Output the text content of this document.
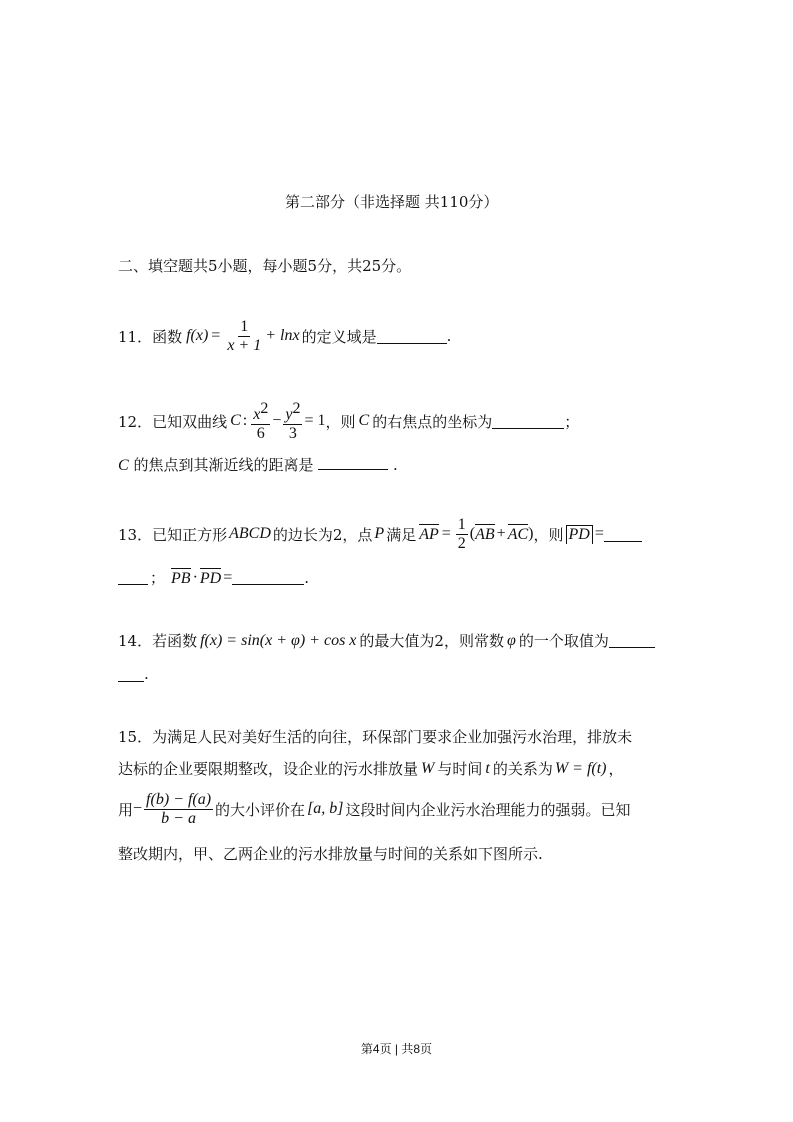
第二部分（非选择题 共110分）
二、填空题共5小题，每小题5分，共25分。
11．函数 $f(x) = \frac{1}{x + 1} + \ln x$ 的定义域是	.
12．已知双曲线 C : $\frac{x^2}{6} - \frac{y^2}{3} = 1$ ，则 C 的右焦点的坐标为	；
C 的焦点到其渐近线的距离是	.
13．已知正方形 ABCD 的边长为2，点 P 满足 AP = $\frac{1}{2}$ ( AB + AC ) ，则 PD =
； PB · PD =	.
14．若函数 f(x) = sin(x + φ) + cos x 的最大值为2，则常数 φ 的一个取值为
.
15．为满足人民对美好生活的向往，环保部门要求企业加强污水治理，排放未
达标的企业要限期整改，设企业的污水排放量 W 与时间 t 的关系为 W = f(t) ，
用 − $\frac{f(b) - f(a)}{b - a}$ 的大小评价在 [a, b] 这段时间内企业污水治理能力的强弱。已知
整改期内，甲、乙两企业的污水排放量与时间的关系如下图所示.
第4页 | 共8页
